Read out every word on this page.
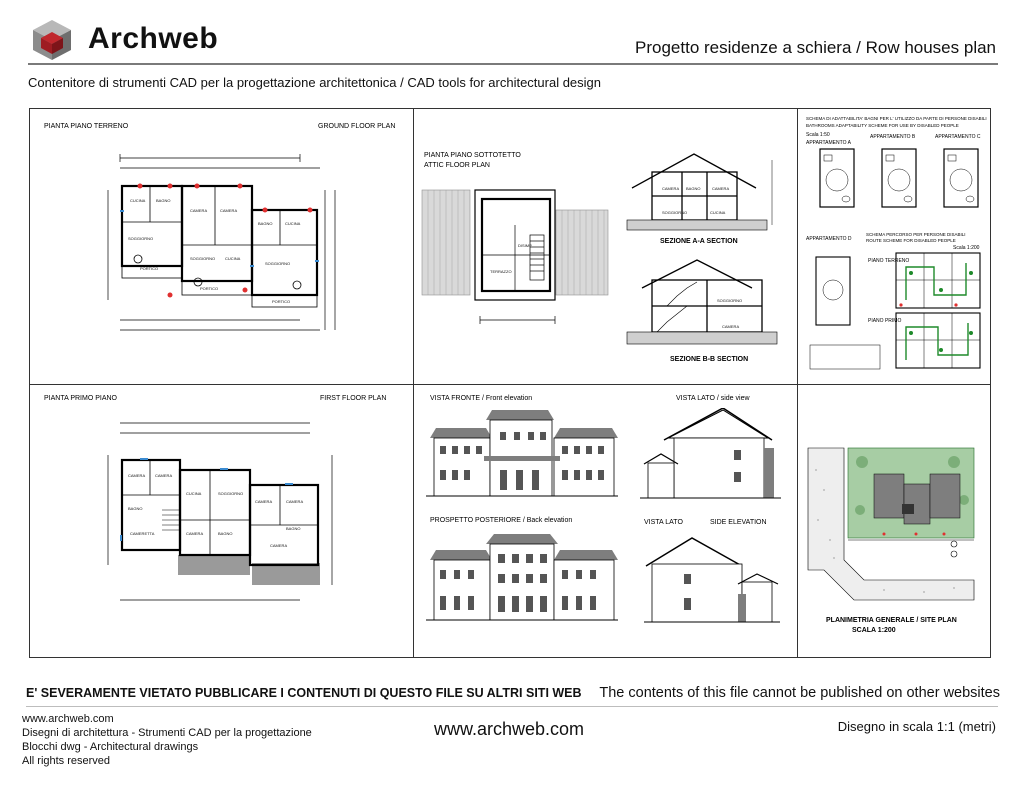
Archweb	Progetto residenze a schiera / Row houses plan
Contenitore di strumenti CAD per la progettazione architettonica / CAD tools for architectural design
PIANTA PIANO TERRENO	GROUND FLOOR PLAN
CUCINA	BAGNO
SOGGIORNO
PORTICO
CAMERA	CAMERA
SOGGIORNO CUCINA
PORTICO
BAGNO	CUCINA
SOGGIORNO
PORTICO
PIANTA PIANO SOTTOTETTO
ATTIC FLOOR PLAN
DISIMP.
TERRAZZO
SOGGIORNO	CUCINA
CAMERA BAGNO	CAMERA
SEZIONE A-A SECTION
SOGGIORNO
CAMERA
SEZIONE B-B SECTION
SCHEMA DI ADATTABILITA' BAGNI PER L' UTILIZZO DA PARTE DI PERSONE DISABILI
BATHROOMS ADAPTABILITY SCHEME FOR USE BY DISABLED PEOPLE
Scala 1:50
APPARTAMENTO A
APPARTAMENTO B	APPARTAMENTO C
SCHEMA PERCORSO PER PERSONE DISABILI
ROUTE SCHEME FOR DISABLED PEOPLE
Scala 1:200
APPARTAMENTO D
PIANO TERRENO
PIANO PRIMO
PIANTA PRIMO PIANO	FIRST FLOOR PLAN
CAMERA CAMERA
BAGNO
CAMERETTA
CUCINA	SOGGIORNO
CAMERA	BAGNO
CAMERA	CAMERA
BAGNO
CAMERA
VISTA FRONTE / Front elevation	VISTA LATO / side view
PROSPETTO POSTERIORE / Back elevation	VISTA LATO	SIDE ELEVATION
PLANIMETRIA GENERALE / SITE PLAN
SCALA 1:200
E' SEVERAMENTE VIETATO PUBBLICARE I CONTENUTI DI QUESTO FILE SU ALTRI SITI WEB The contents of this file cannot be published on other websites
www.archweb.com
Disegni di architettura - Strumenti CAD per la progettazione
Blocchi dwg - Architectural drawings
All rights reserved
www.archweb.com	Disegno in scala 1:1 (metri)
